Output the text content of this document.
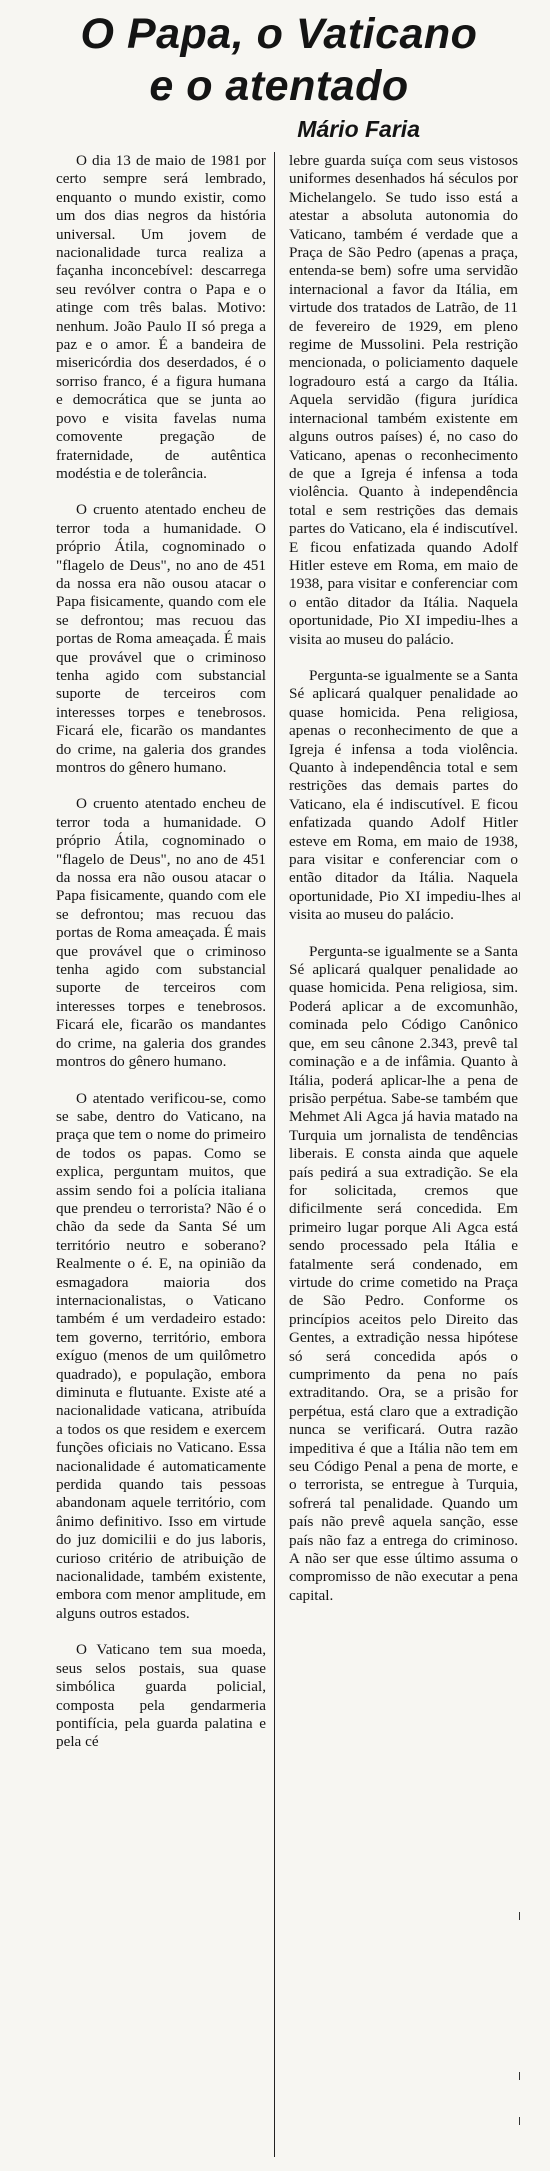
O Papa, o Vaticano
e o atentado
Mário Faria

O dia 13 de maio de 1981 por certo sempre será lembrado, enquanto o mundo existir, como um dos dias negros da história universal. Um jovem de nacionalidade turca realiza a façanha inconcebível: descarrega seu revólver contra o Papa e o atinge com três balas. Motivo: nenhum. João Paulo II só prega a paz e o amor. É a bandeira de misericórdia dos deserdados, é o sorriso franco, é a figura humana e democrática que se junta ao povo e visita favelas numa comovente pregação de fraternidade, de autêntica modéstia e de tolerância.

O cruento atentado encheu de terror toda a humanidade. O próprio Átila, cognominado o "flagelo de Deus", no ano de 451 da nossa era não ousou atacar o Papa fisicamente, quando com ele se defrontou; mas recuou das portas de Roma ameaçada. É mais que provável que o criminoso tenha agido com substancial suporte de terceiros com interesses torpes e tenebrosos. Ficará ele, ficarão os mandantes do crime, na galeria dos grandes montros do gênero humano.

O cruento atentado encheu de terror toda a humanidade. O próprio Átila, cognominado o "flagelo de Deus", no ano de 451 da nossa era não ousou atacar o Papa fisicamente, quando com ele se defrontou; mas recuou das portas de Roma ameaçada. É mais que provável que o criminoso tenha agido com substancial suporte de terceiros com interesses torpes e tenebrosos. Ficará ele, ficarão os mandantes do crime, na galeria dos grandes montros do gênero humano.

O atentado verificou-se, como se sabe, dentro do Vaticano, na praça que tem o nome do primeiro de todos os papas. Como se explica, perguntam muitos, que assim sendo foi a polícia italiana que prendeu o terrorista? Não é o chão da sede da Santa Sé um território neutro e soberano? Realmente o é. E, na opinião da esmagadora maioria dos internacionalistas, o Vaticano também é um verdadeiro estado: tem governo, território, embora exíguo (menos de um quilômetro quadrado), e população, embora diminuta e flutuante. Existe até a nacionalidade vaticana, atribuída a todos os que residem e exercem funções oficiais no Vaticano. Essa nacionalidade é automaticamente perdida quando tais pessoas abandonam aquele território, com ânimo definitivo. Isso em virtude do juz domicilii e do jus laboris, curioso critério de atribuição de nacionalidade, também existente, embora com menor amplitude, em alguns outros estados.

O Vaticano tem sua moeda, seus selos postais, sua quase simbólica guarda policial, composta pela gendarmeria pontifícia, pela guarda palatina e pela cé

lebre guarda suíça com seus vistosos uniformes desenhados há séculos por Michelangelo. Se tudo isso está a atestar a absoluta autonomia do Vaticano, também é verdade que a Praça de São Pedro (apenas a praça, entenda-se bem) sofre uma servidão internacional a favor da Itália, em virtude dos tratados de Latrão, de 11 de fevereiro de 1929, em pleno regime de Mussolini. Pela restrição mencionada, o policiamento daquele logradouro está a cargo da Itália. Aquela servidão (figura jurídica internacional também existente em alguns outros países) é, no caso do Vaticano, apenas o reconhecimento de que a Igreja é infensa a toda violência. Quanto à independência total e sem restrições das demais partes do Vaticano, ela é indiscutível. E ficou enfatizada quando Adolf Hitler esteve em Roma, em maio de 1938, para visitar e conferenciar com o então ditador da Itália. Naquela oportunidade, Pio XI impediu-lhes a visita ao museu do palácio.

Pergunta-se igualmente se a Santa Sé aplicará qualquer penalidade ao quase homicida. Pena religiosa, apenas o reconhecimento de que a Igreja é infensa a toda violência. Quanto à independência total e sem restrições das demais partes do Vaticano, ela é indiscutível. E ficou enfatizada quando Adolf Hitler esteve em Roma, em maio de 1938, para visitar e conferenciar com o então ditador da Itália. Naquela oportunidade, Pio XI impediu-lhes a visita ao museu do palácio.

Pergunta-se igualmente se a Santa Sé aplicará qualquer penalidade ao quase homicida. Pena religiosa, sim. Poderá aplicar a de excomunhão, cominada pelo Código Canônico que, em seu cânone 2.343, prevê tal cominação e a de infâmia. Quanto à Itália, poderá aplicar-lhe a pena de prisão perpétua. Sabe-se também que Mehmet Ali Agca já havia matado na Turquia um jornalista de tendências liberais. E consta ainda que aquele país pedirá a sua extradição. Se ela for solicitada, cremos que dificilmente será concedida. Em primeiro lugar porque Ali Agca está sendo processado pela Itália e fatalmente será condenado, em virtude do crime cometido na Praça de São Pedro. Conforme os princípios aceitos pelo Direito das Gentes, a extradição nessa hipótese só será concedida após o cumprimento da pena no país extraditando. Ora, se a prisão for perpétua, está claro que a extradição nunca se verificará. Outra razão impeditiva é que a Itália não tem em seu Código Penal a pena de morte, e o terrorista, se entregue à Turquia, sofrerá tal penalidade. Quando um país não prevê aquela sanção, esse país não faz a entrega do criminoso. A não ser que esse último assuma o compromisso de não executar a pena capital.
